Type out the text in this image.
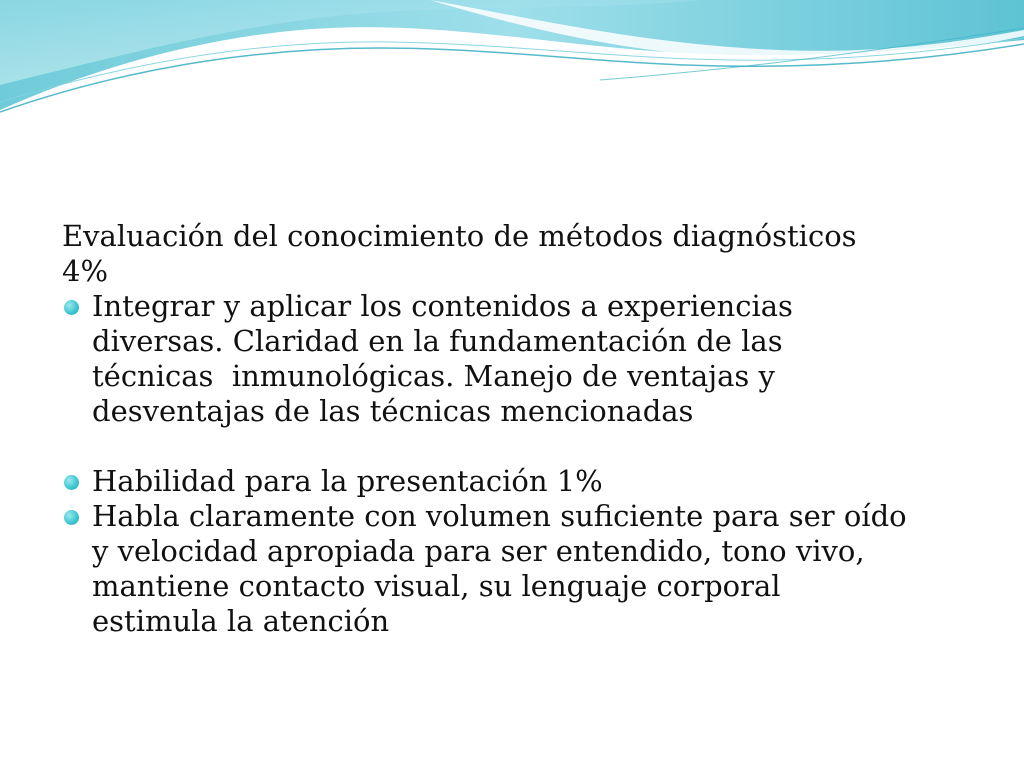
Evaluación del conocimiento de métodos diagnósticos

4%

Integrar y aplicar los contenidos a experiencias
diversas. Claridad en la fundamentación de las
técnicas  inmunológicas. Manejo de ventajas y
desventajas de las técnicas mencionadas
Habilidad para la presentación 1%
Habla claramente con volumen suficiente para ser oído
y velocidad apropiada para ser entendido, tono vivo,
mantiene contacto visual, su lenguaje corporal
estimula la atención
